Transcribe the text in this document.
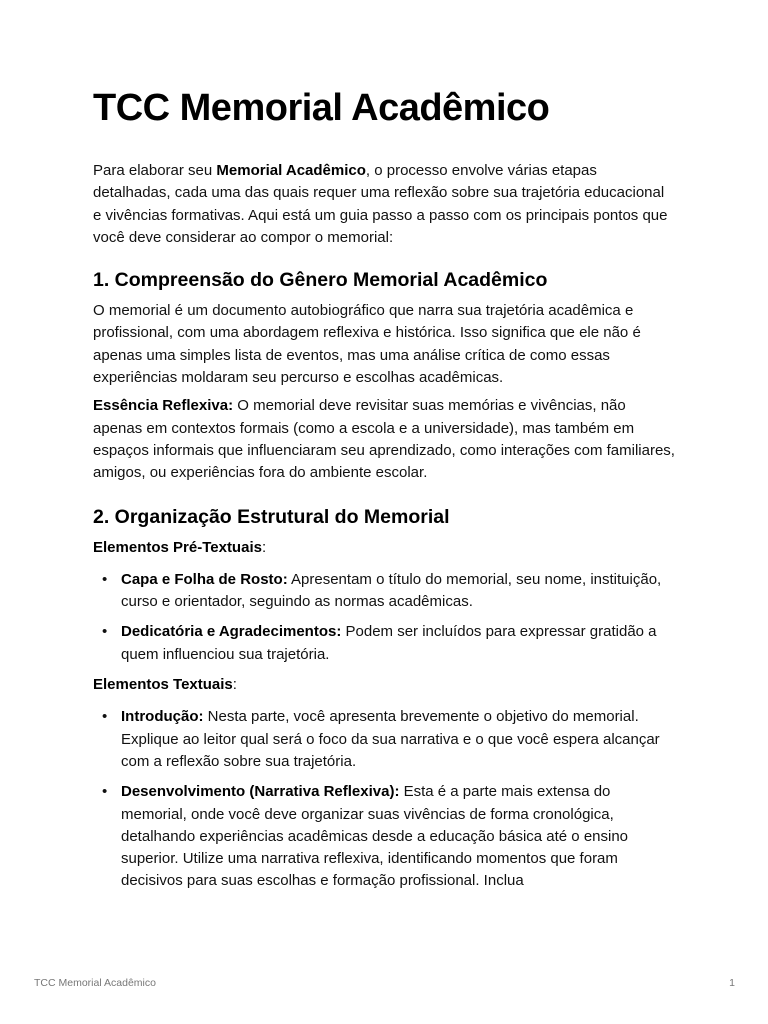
TCC Memorial Acadêmico

Para elaborar seu Memorial Acadêmico, o processo envolve várias etapas detalhadas, cada uma das quais requer uma reflexão sobre sua trajetória educacional e vivências formativas. Aqui está um guia passo a passo com os principais pontos que você deve considerar ao compor o memorial:

1. Compreensão do Gênero Memorial Acadêmico

O memorial é um documento autobiográfico que narra sua trajetória acadêmica e profissional, com uma abordagem reflexiva e histórica. Isso significa que ele não é apenas uma simples lista de eventos, mas uma análise crítica de como essas experiências moldaram seu percurso e escolhas acadêmicas.

Essência Reflexiva: O memorial deve revisitar suas memórias e vivências, não apenas em contextos formais (como a escola e a universidade), mas também em espaços informais que influenciaram seu aprendizado, como interações com familiares, amigos, ou experiências fora do ambiente escolar.

2. Organização Estrutural do Memorial

Elementos Pré-Textuais:

• Capa e Folha de Rosto: Apresentam o título do memorial, seu nome, instituição, curso e orientador, seguindo as normas acadêmicas.
• Dedicatória e Agradecimentos: Podem ser incluídos para expressar gratidão a quem influenciou sua trajetória.

Elementos Textuais:

• Introdução: Nesta parte, você apresenta brevemente o objetivo do memorial. Explique ao leitor qual será o foco da sua narrativa e o que você espera alcançar com a reflexão sobre sua trajetória.
• Desenvolvimento (Narrativa Reflexiva): Esta é a parte mais extensa do memorial, onde você deve organizar suas vivências de forma cronológica, detalhando experiências acadêmicas desde a educação básica até o ensino superior. Utilize uma narrativa reflexiva, identificando momentos que foram decisivos para suas escolhas e formação profissional. Inclua
TCC Memorial Acadêmico	1
